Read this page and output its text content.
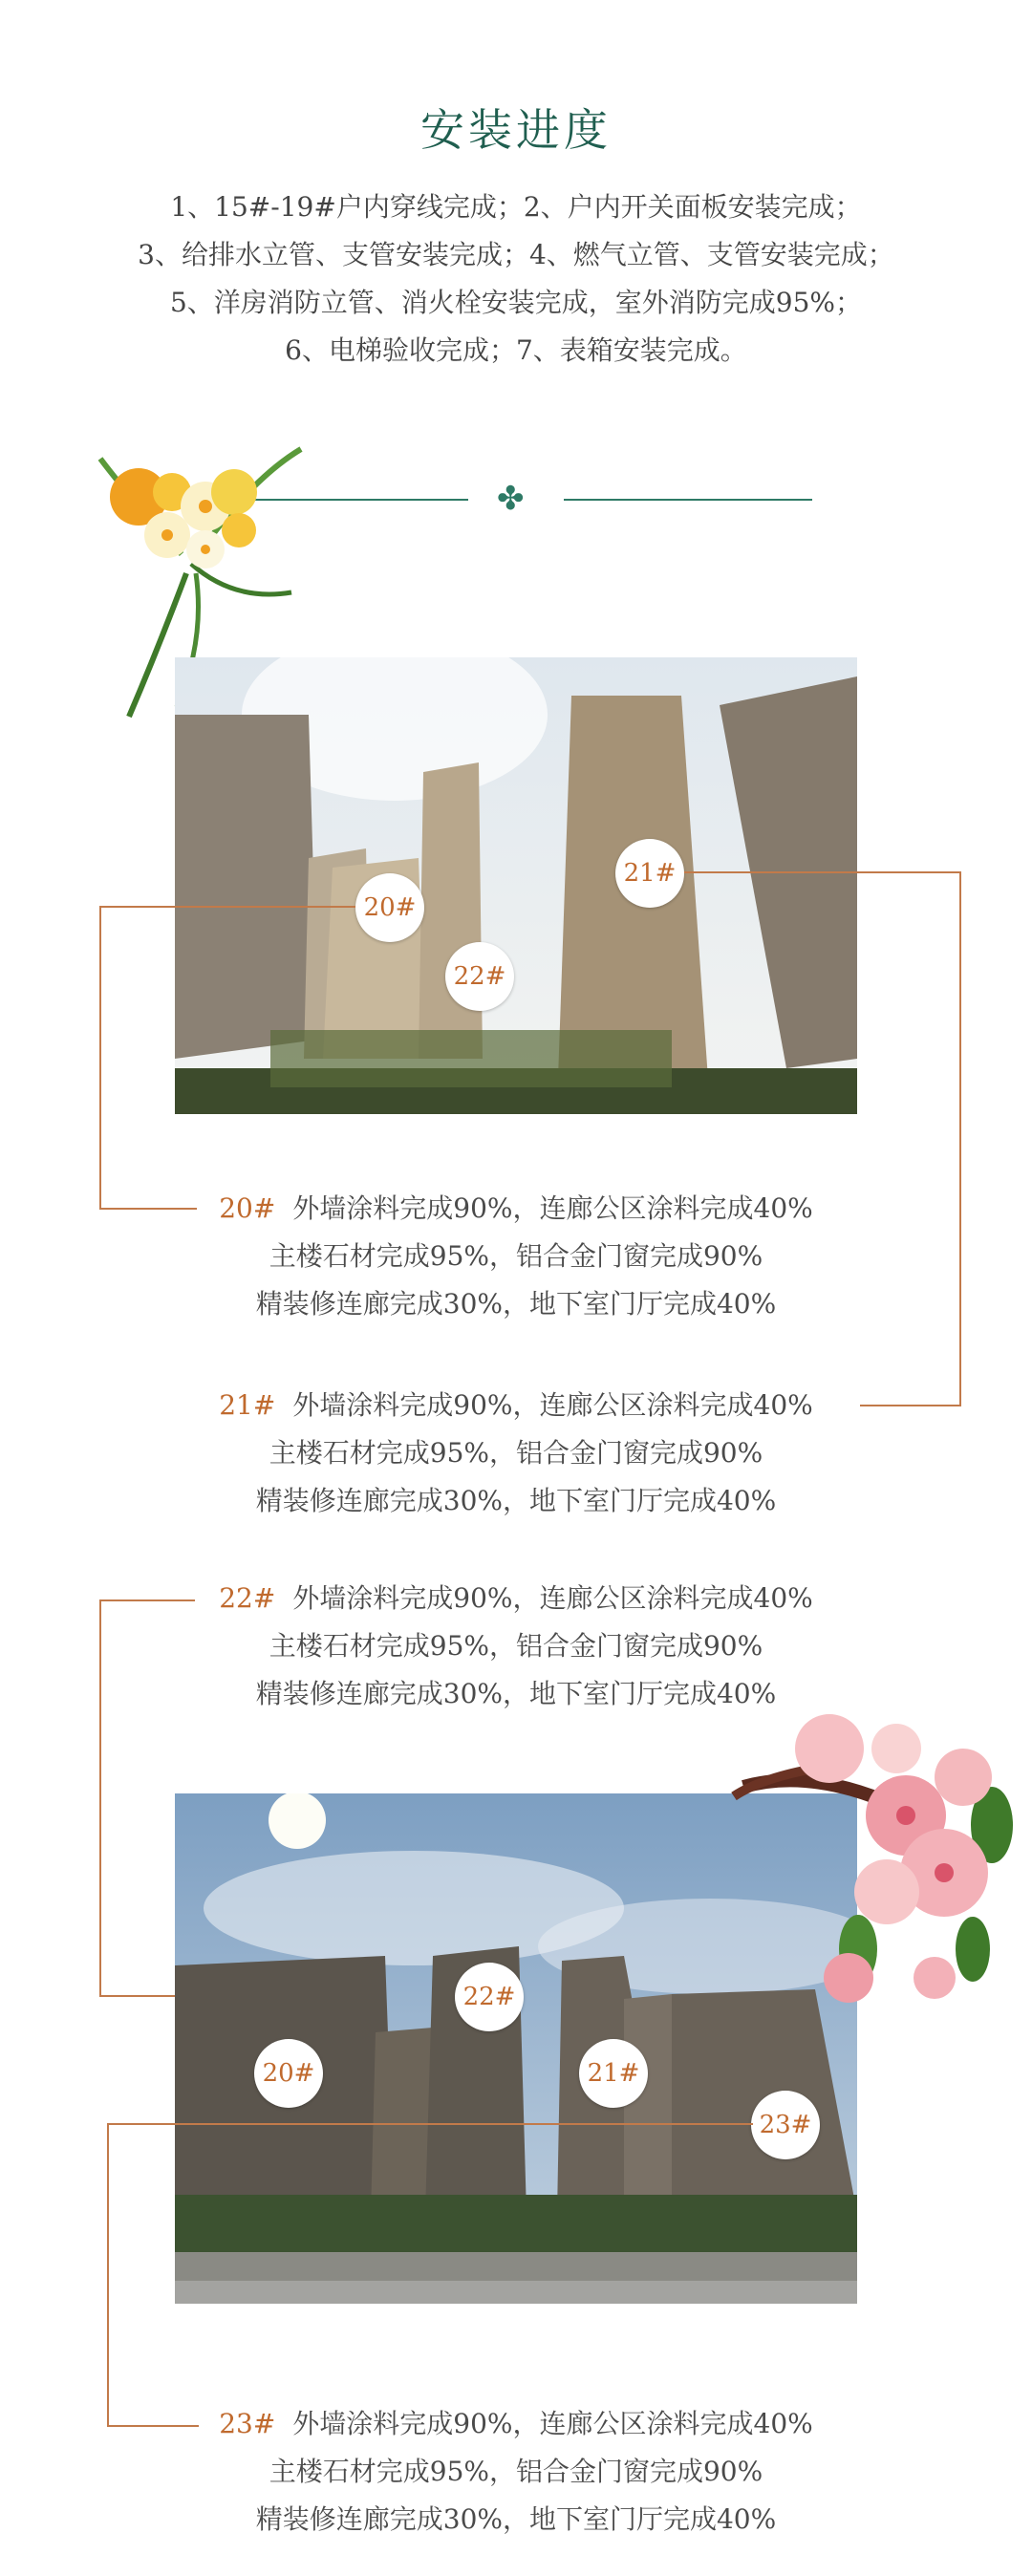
安装进度
1、15#-19#户内穿线完成；2、户内开关面板安装完成；
3、给排水立管、支管安装完成；4、燃气立管、支管安装完成；
5、洋房消防立管、消火栓安装完成，室外消防完成95%；
6、电梯验收完成；7、表箱安装完成。
✤
20#
21#
22#
20# 外墙涂料完成90%，连廊公区涂料完成40%
主楼石材完成95%，铝合金门窗完成90%
精装修连廊完成30%，地下室门厅完成40%
21# 外墙涂料完成90%，连廊公区涂料完成40%
主楼石材完成95%，铝合金门窗完成90%
精装修连廊完成30%，地下室门厅完成40%
22# 外墙涂料完成90%，连廊公区涂料完成40%
主楼石材完成95%，铝合金门窗完成90%
精装修连廊完成30%，地下室门厅完成40%
22#
20#	21#
23#
23# 外墙涂料完成90%，连廊公区涂料完成40%
主楼石材完成95%，铝合金门窗完成90%
精装修连廊完成30%，地下室门厅完成40%
